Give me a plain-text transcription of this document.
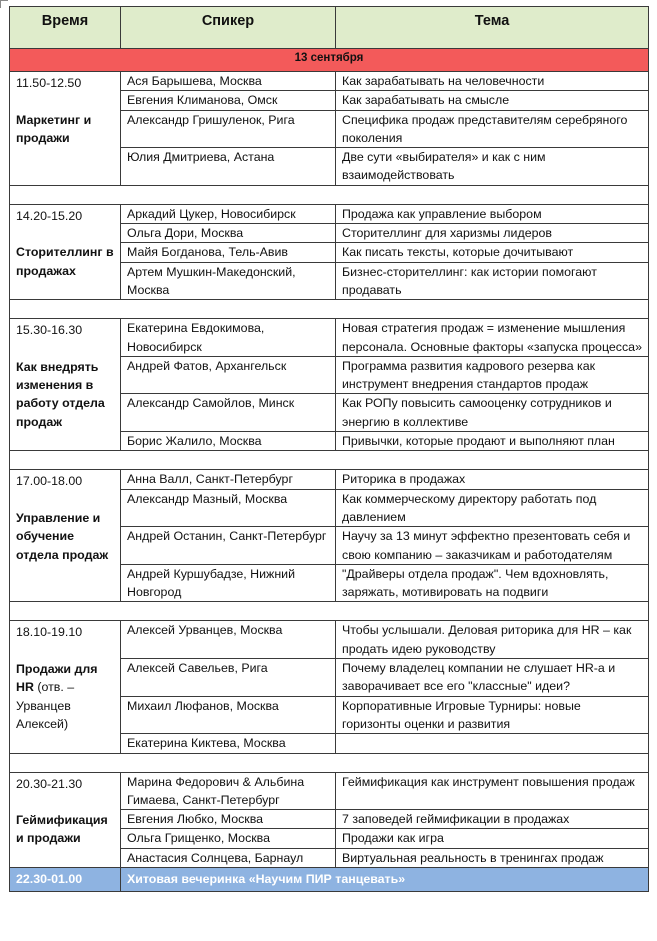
Время	Спикер	Тема
13 сентября		

11.50-12.50
Маркетинг и продажи	Ася Барышева, Москва	Как зарабатывать на человечности
	Евгения Климанова, Омск	Как зарабатывать на смысле
	Александр Гришуленок, Рига	Специфика продаж представителям серебряного поколения
	Юлия Дмитриева, Астана	Две сути «выбирателя» и как с ним взаимодействовать

14.20-15.20
Сторителлинг в продажах	Аркадий Цукер, Новосибирск	Продажа как управление выбором
	Ольга Дори, Москва	Сторителлинг для харизмы лидеров
	Майя Богданова, Тель-Авив	Как писать тексты, которые дочитывают
	Артем Мушкин-Македонский, Москва	Бизнес-сторителлинг: как истории помогают продавать

15.30-16.30
Как внедрять изменения в работу отдела продаж	Екатерина Евдокимова, Новосибирск	Новая стратегия продаж = изменение мышления персонала. Основные факторы «запуска процесса»
	Андрей Фатов, Архангельск	Программа развития кадрового резерва как инструмент внедрения стандартов продаж
	Александр Самойлов, Минск	Как РОПу повысить самооценку сотрудников и энергию в коллективе
	Борис Жалило, Москва	Привычки, которые продают и выполняют план

17.00-18.00
Управление и обучение отдела продаж	Анна Валл, Санкт-Петербург	Риторика в продажах
	Александр Мазный, Москва	Как коммерческому директору работать под давлением
	Андрей Останин, Санкт-Петербург	Научу за 13 минут эффектно презентовать себя и свою компанию – заказчикам и работодателям
	Андрей Куршубадзе, Нижний Новгород	"Драйверы отдела продаж". Чем вдохновлять, заряжать, мотивировать на подвиги

18.10-19.10
Продажи для HR (отв. – Урванцев Алексей)	Алексей Урванцев, Москва	Чтобы услышали. Деловая риторика для HR – как продать идею руководству
	Алексей Савельев, Рига	Почему владелец компании не слушает HR-а и заворачивает все его "классные" идеи?
	Михаил Люфанов, Москва	Корпоративные Игровые Турниры: новые горизонты оценки и развития
	Екатерина Киктева, Москва	

20.30-21.30
Геймификация и продажи	Марина Федорович & Альбина Гимаева, Санкт-Петербург	Геймификация как инструмент повышения продаж
	Евгения Любко, Москва	7 заповедей геймификации в продажах
	Ольга Грищенко, Москва	Продажи как игра
	Анастасия Солнцева, Барнаул	Виртуальная реальность в тренингах продаж
22.30-01.00	Хитовая вечеринка «Научим ПИР танцевать»	
